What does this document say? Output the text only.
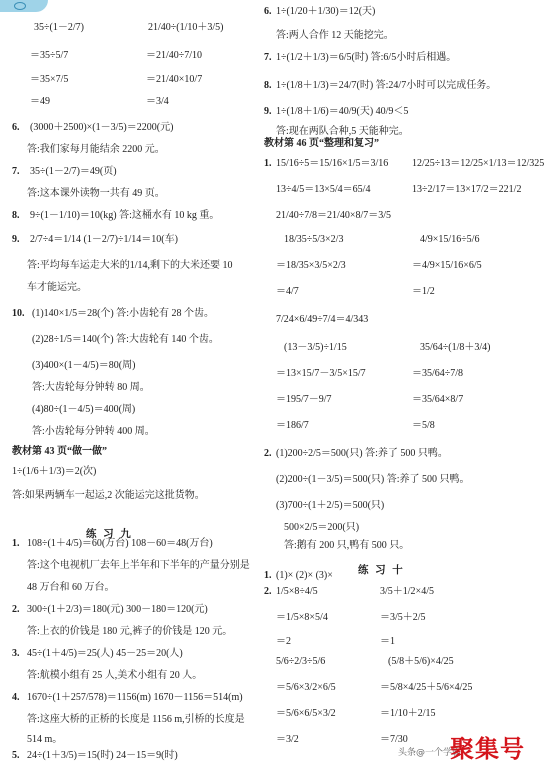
练 习 九
35÷(1－2/7)	21/40÷(1/10＋3/5)
＝35÷5/7	＝21/40÷7/10
＝35×7/5	＝21/40×10/7
＝49	＝3/4
6. (3000＋2500)×(1－3/5)＝2200(元)
答:我们家每月能结余 2200 元。
7. 35÷(1－2/7)＝49(页)
答:这本课外读物一共有 49 页。
8. 9÷(1－1/10)＝10(kg) 答:这桶水有 10 kg 重。
9. 2/7÷4＝1/14 (1－2/7)÷1/14＝10(车)
答:平均每车运走大米的1/14,剩下的大米还要 10
车才能运完。
10. (1)140×1/5＝28(个) 答:小齿轮有 28 个齿。
(2)28÷1/5＝140(个) 答:大齿轮有 140 个齿。
(3)400×(1－4/5)＝80(周)
答:大齿轮每分钟转 80 周。
(4)80÷(1－4/5)＝400(周)
答:小齿轮每分钟转 400 周。
教材第 43 页“做一做”
1÷(1/6＋1/3)＝2(次)
答:如果两辆车一起运,2 次能运完这批货物。
1. 108÷(1＋4/5)＝60(万台) 108－60＝48(万台)
答:这个电视机厂去年上半年和下半年的产量分别是
48 万台和 60 万台。
2. 300÷(1＋2/3)＝180(元) 300－180＝120(元)
答:上衣的价钱是 180 元,裤子的价钱是 120 元。
3. 45÷(1＋4/5)＝25(人) 45－25＝20(人)
答:航模小组有 25 人,美术小组有 20 人。
4. 1670÷(1＋257/578)＝1156(m) 1670－1156＝514(m)
答:这座大桥的正桥的长度是 1156 m,引桥的长度是
514 m。
5. 24÷(1＋3/5)＝15(时) 24－15＝9(时)
练 习 十
6. 1÷(1/20＋1/30)＝12(天)
答:两人合作 12 天能挖完。
7. 1÷(1/2＋1/3)＝6/5(时) 答:6/5小时后相遇。
8. 1÷(1/8＋1/3)＝24/7(时) 答:24/7小时可以完成任务。
9. 1÷(1/8＋1/6)＝40/9(天) 40/9＜5
答:现在两队合种,5 天能种完。
教材第 46 页“整理和复习”
1. 15/16÷5＝15/16×1/5＝3/16 12/25÷13＝12/25×1/13＝12/325
13÷4/5＝13×5/4＝65/4	13÷2/17＝13×17/2＝221/2
21/40÷7/8＝21/40×8/7＝3/5
18/35÷5/3×2/3	4/9×15/16÷5/6
＝18/35×3/5×2/3	＝4/9×15/16×6/5
＝4/7	＝1/2
7/24×6/49÷7/4＝4/343
(13－3/5)÷1/15	35/64÷(1/8＋3/4)
＝13×15/7－3/5×15/7	＝35/64÷7/8
＝195/7－9/7	＝35/64×8/7
＝186/7	＝5/8
2. (1)200÷2/5＝500(只) 答:养了 500 只鸭。
(2)200÷(1－3/5)＝500(只) 答:养了 500 只鸭。
(3)700÷(1＋2/5)＝500(只)
500×2/5＝200(只)
答:鹅有 200 只,鸭有 500 只。
1. (1)× (2)× (3)×
2. 1/5×8÷4/5	3/5＋1/2×4/5
＝1/5×8×5/4	＝3/5＋2/5
＝2	＝1
5/6÷2/3÷5/6	(5/8＋5/6)×4/25
＝5/6×3/2×6/5	＝5/8×4/25＋5/6×4/25
＝5/6×6/5×3/2	＝1/10＋2/15
＝3/2	＝7/30
头条@一个学霸
聚集号
